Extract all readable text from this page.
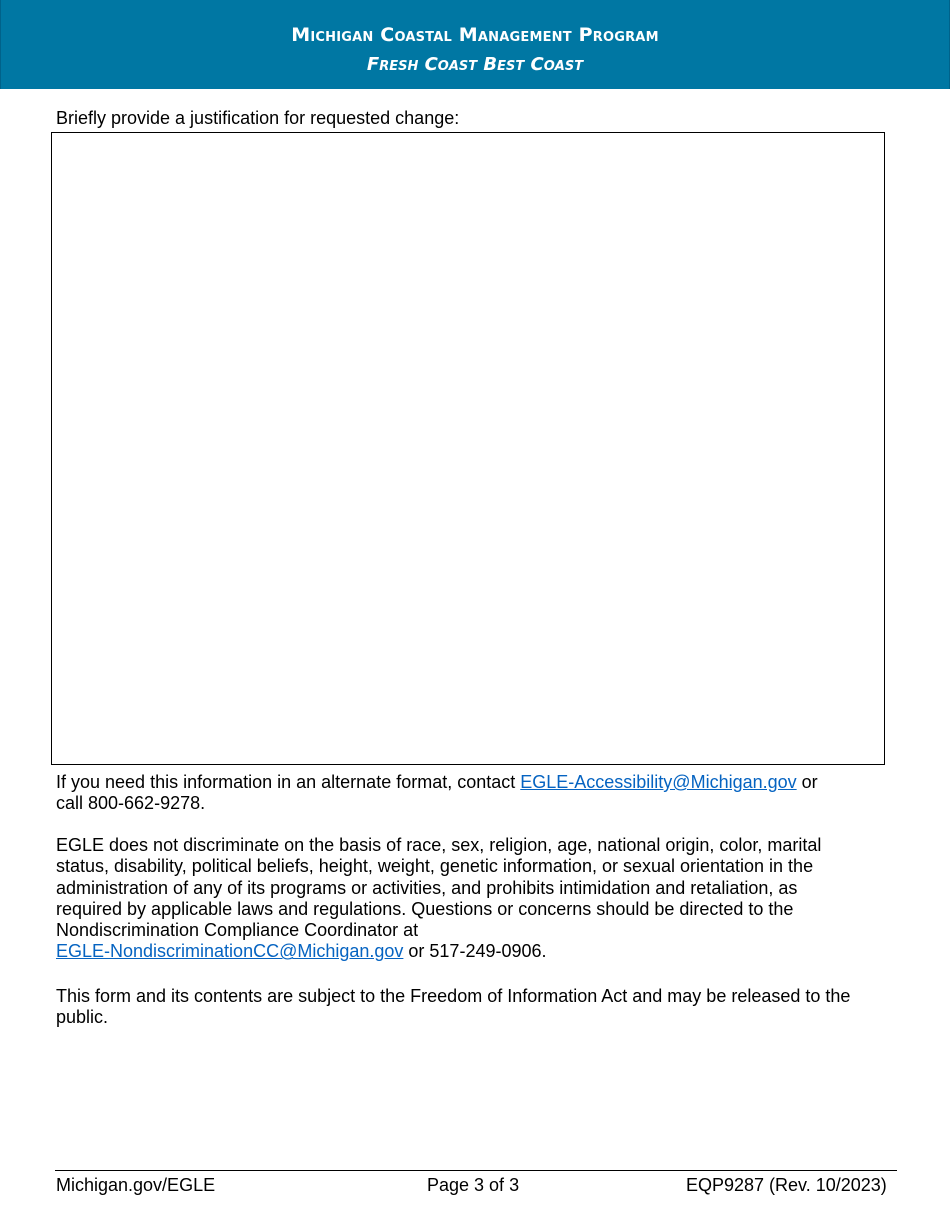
Michigan Coastal Management Program
Fresh Coast Best Coast
Briefly provide a justification for requested change:
If you need this information in an alternate format, contact EGLE-Accessibility@Michigan.gov or
call 800-662-9278.
EGLE does not discriminate on the basis of race, sex, religion, age, national origin, color, marital status, disability, political beliefs, height, weight, genetic information, or sexual orientation in the administration of any of its programs or activities, and prohibits intimidation and retaliation, as required by applicable laws and regulations. Questions or concerns should be directed to the Nondiscrimination Compliance Coordinator at
EGLE-NondiscriminationCC@Michigan.gov or 517-249-0906.
This form and its contents are subject to the Freedom of Information Act and may be released to the public.
Michigan.gov/EGLE	Page 3 of 3	EQP9287 (Rev. 10/2023)
